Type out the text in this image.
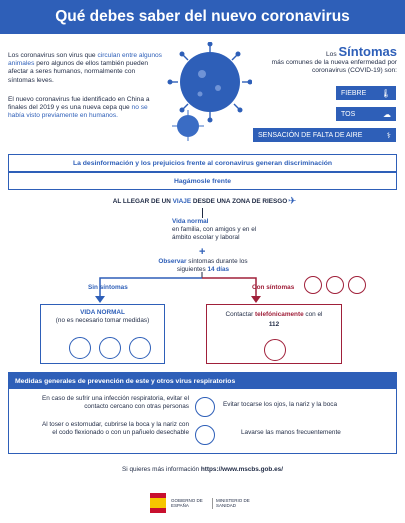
Qué debes saber del nuevo coronavirus
Los coronavirus son virus que circulan entre algunos animales pero algunos de ellos también pueden afectar a seres humanos, normalmente con síntomas leves.
El nuevo coronavirus fue identificado en China a finales del 2019 y es una nueva cepa que no se había visto previamente en humanos.
Los Síntomas
más comunes de la nueva enfermedad por coronavirus (COVID-19) son:
FIEBRE 🌡
TOS	☁
SENSACIÓN DE FALTA DE AIRE	⚕
La desinformación y los prejuicios frente al coronavirus generan discriminación
Hagámosle frente
AL LLEGAR DE UN VIAJE DESDE UNA ZONA DE RIESGO ✈
Vida normal
en familia, con amigos y en el ámbito escolar y laboral
+
Observar síntomas durante los siguientes 14 días
Sin síntomas	Con síntomas
VIDA NORMAL
(no es necesario tomar medidas)
Contactar telefónicamente con el
112
Medidas generales de prevención de este y otros virus respiratorios
En caso de sufrir una infección respiratoria, evitar el contacto cercano con otras personas
Al toser o estornudar, cubrirse la boca y la nariz con el codo flexionado o con un pañuelo desechable
Evitar tocarse los ojos, la nariz y la boca
Lavarse las manos frecuentemente
Si quieres más información https://www.mscbs.gob.es/
GOBIERNO DE ESPAÑA
MINISTERIO DE SANIDAD
